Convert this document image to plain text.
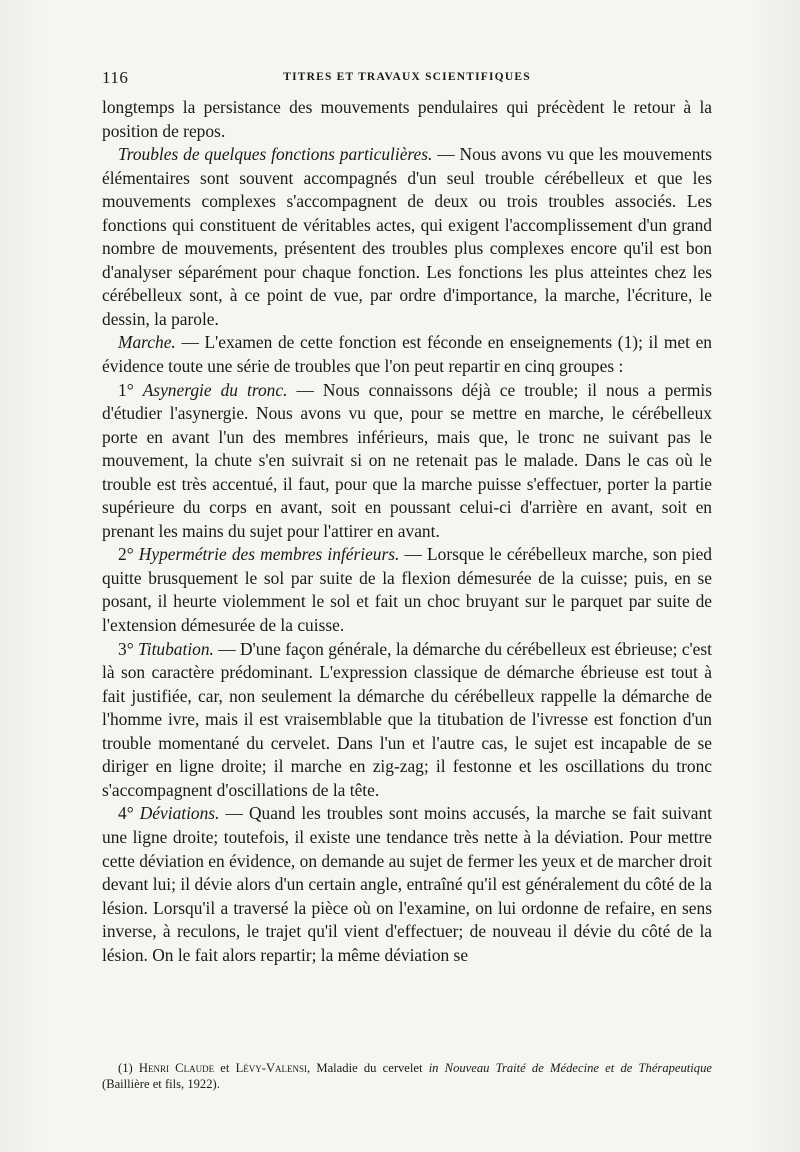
116	TITRES ET TRAVAUX SCIENTIFIQUES

longtemps la persistance des mouvements pendulaires qui précèdent le retour à la position de repos.

Troubles de quelques fonctions particulières. — Nous avons vu que les mouvements élémentaires sont souvent accompagnés d'un seul trouble cérébelleux et que les mouvements complexes s'accompagnent de deux ou trois troubles associés. Les fonctions qui constituent de véritables actes, qui exigent l'accomplissement d'un grand nombre de mouvements, présentent des troubles plus complexes encore qu'il est bon d'analyser séparément pour chaque fonction. Les fonctions les plus atteintes chez les cérébelleux sont, à ce point de vue, par ordre d'importance, la marche, l'écriture, le dessin, la parole.

Marche. — L'examen de cette fonction est féconde en enseignements (1); il met en évidence toute une série de troubles que l'on peut repartir en cinq groupes :

1° Asynergie du tronc. — Nous connaissons déjà ce trouble; il nous a permis d'étudier l'asynergie. Nous avons vu que, pour se mettre en marche, le cérébelleux porte en avant l'un des membres inférieurs, mais que, le tronc ne suivant pas le mouvement, la chute s'en suivrait si on ne retenait pas le malade. Dans le cas où le trouble est très accentué, il faut, pour que la marche puisse s'effectuer, porter la partie supérieure du corps en avant, soit en poussant celui-ci d'arrière en avant, soit en prenant les mains du sujet pour l'attirer en avant.

2° Hypermétrie des membres inférieurs. — Lorsque le cérébelleux marche, son pied quitte brusquement le sol par suite de la flexion démesurée de la cuisse; puis, en se posant, il heurte violemment le sol et fait un choc bruyant sur le parquet par suite de l'extension démesurée de la cuisse.

3° Titubation. — D'une façon générale, la démarche du cérébelleux est ébrieuse; c'est là son caractère prédominant. L'expression classique de démarche ébrieuse est tout à fait justifiée, car, non seulement la démarche du cérébelleux rappelle la démarche de l'homme ivre, mais il est vraisemblable que la titubation de l'ivresse est fonction d'un trouble momentané du cervelet. Dans l'un et l'autre cas, le sujet est incapable de se diriger en ligne droite; il marche en zig-zag; il festonne et les oscillations du tronc s'accompagnent d'oscillations de la tête.

4° Déviations. — Quand les troubles sont moins accusés, la marche se fait suivant une ligne droite; toutefois, il existe une tendance très nette à la déviation. Pour mettre cette déviation en évidence, on demande au sujet de fermer les yeux et de marcher droit devant lui; il dévie alors d'un certain angle, entraîné qu'il est généralement du côté de la lésion. Lorsqu'il a traversé la pièce où on l'examine, on lui ordonne de refaire, en sens inverse, à reculons, le trajet qu'il vient d'effectuer; de nouveau il dévie du côté de la lésion. On le fait alors repartir; la même déviation se

(1) Henri Claude et Lévy-Valensi, Maladie du cervelet in Nouveau Traité de Médecine et de Thérapeutique (Baillière et fils, 1922).
